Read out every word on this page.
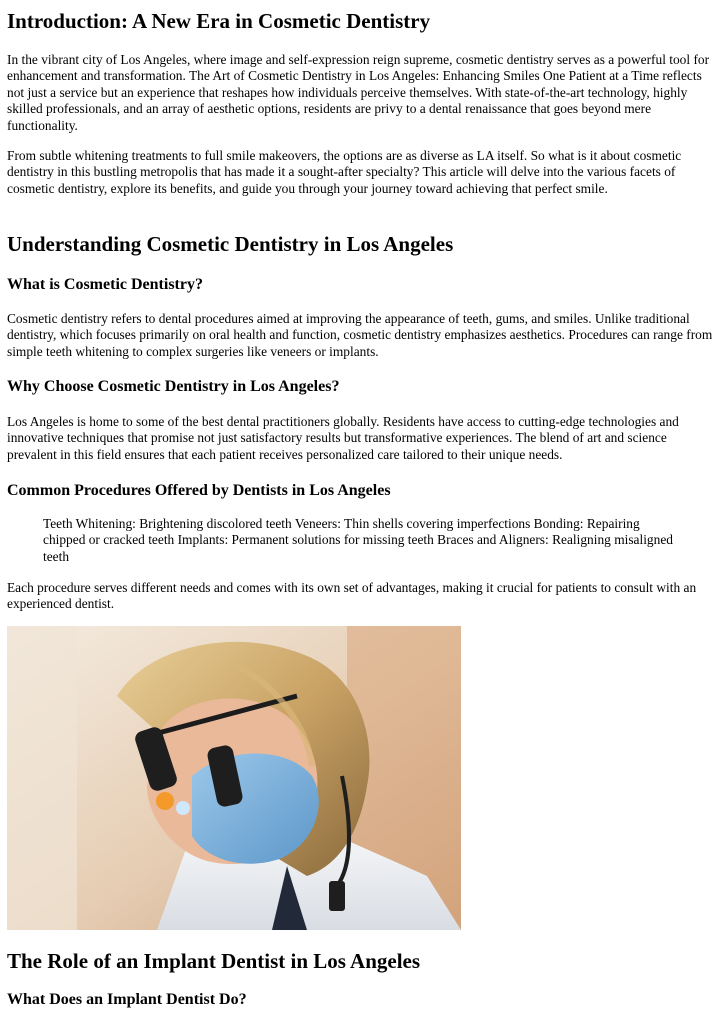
Introduction: A New Era in Cosmetic Dentistry

In the vibrant city of Los Angeles, where image and self-expression reign supreme, cosmetic dentistry serves as a powerful tool for enhancement and transformation. The Art of Cosmetic Dentistry in Los Angeles: Enhancing Smiles One Patient at a Time reflects not just a service but an experience that reshapes how individuals perceive themselves. With state-of-the-art technology, highly skilled professionals, and an array of aesthetic options, residents are privy to a dental renaissance that goes beyond mere functionality.

From subtle whitening treatments to full smile makeovers, the options are as diverse as LA itself. So what is it about cosmetic dentistry in this bustling metropolis that has made it a sought-after specialty? This article will delve into the various facets of cosmetic dentistry, explore its benefits, and guide you through your journey toward achieving that perfect smile.

Understanding Cosmetic Dentistry in Los Angeles
What is Cosmetic Dentistry?

Cosmetic dentistry refers to dental procedures aimed at improving the appearance of teeth, gums, and smiles. Unlike traditional dentistry, which focuses primarily on oral health and function, cosmetic dentistry emphasizes aesthetics. Procedures can range from simple teeth whitening to complex surgeries like veneers or implants.

Why Choose Cosmetic Dentistry in Los Angeles?

Los Angeles is home to some of the best dental practitioners globally. Residents have access to cutting-edge technologies and innovative techniques that promise not just satisfactory results but transformative experiences. The blend of art and science prevalent in this field ensures that each patient receives personalized care tailored to their unique needs.

Common Procedures Offered by Dentists in Los Angeles

Teeth Whitening: Brightening discolored teeth Veneers: Thin shells covering imperfections Bonding: Repairing chipped or cracked teeth Implants: Permanent solutions for missing teeth Braces and Aligners: Realigning misaligned teeth

Each procedure serves different needs and comes with its own set of advantages, making it crucial for patients to consult with an experienced dentist.

The Role of an Implant Dentist in Los Angeles
What Does an Implant Dentist Do?
